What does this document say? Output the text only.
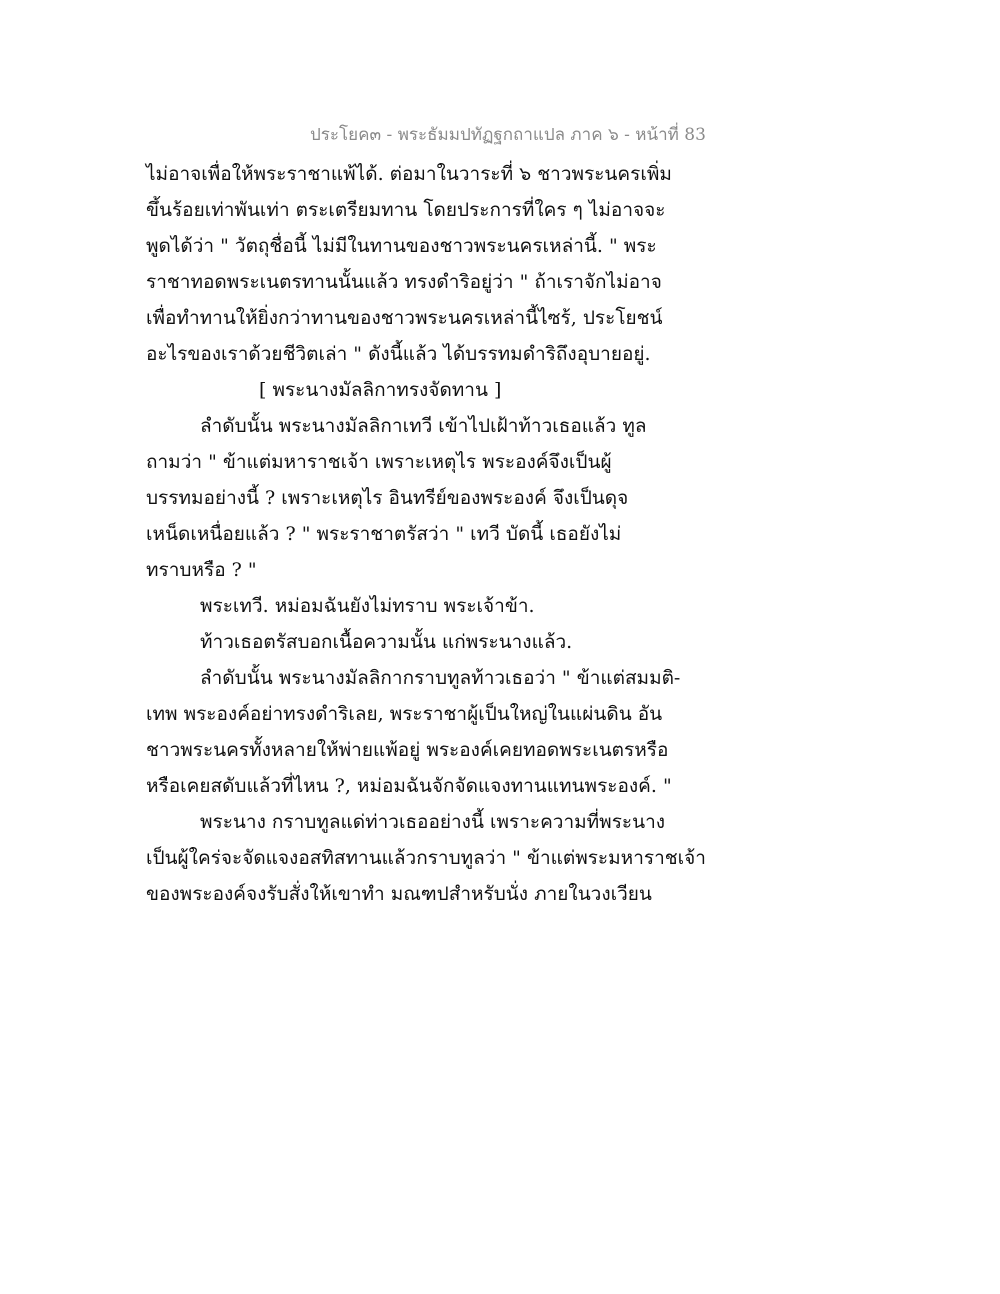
ประโยค๓ - พระธัมมปทัฏฐกถาแปล ภาค ๖ - หน้าที่ 83
ไม่อาจเพื่อให้พระราชาแพ้ได้. ต่อมาในวาระที่ ๖ ชาวพระนครเพิ่ม
ขึ้นร้อยเท่าพันเท่า ตระเตรียมทาน โดยประการที่ใคร ๆ ไม่อาจจะ
พูดได้ว่า " วัตถุชื่อนี้ ไม่มีในทานของชาวพระนครเหล่านี้. " พระ
ราชาทอดพระเนตรทานนั้นแล้ว ทรงดำริอยู่ว่า " ถ้าเราจักไม่อาจ
เพื่อทำทานให้ยิ่งกว่าทานของชาวพระนครเหล่านี้ไซร้, ประโยชน์
อะไรของเราด้วยชีวิตเล่า " ดังนี้แล้ว ได้บรรทมดำริถึงอุบายอยู่.
[ พระนางมัลลิกาทรงจัดทาน ]
ลำดับนั้น พระนางมัลลิกาเทวี เข้าไปเฝ้าท้าวเธอแล้ว ทูล
ถามว่า " ข้าแต่มหาราชเจ้า เพราะเหตุไร พระองค์จึงเป็นผู้
บรรทมอย่างนี้ ? เพราะเหตุไร อินทรีย์ของพระองค์ จึงเป็นดุจ
เหน็ดเหนื่อยแล้ว ? " พระราชาตรัสว่า " เทวี บัดนี้ เธอยังไม่
ทราบหรือ ? "
พระเทวี. หม่อมฉันยังไม่ทราบ พระเจ้าข้า.
ท้าวเธอตรัสบอกเนื้อความนั้น แก่พระนางแล้ว.
ลำดับนั้น พระนางมัลลิกากราบทูลท้าวเธอว่า " ข้าแต่สมมติ-
เทพ พระองค์อย่าทรงดำริเลย, พระราชาผู้เป็นใหญ่ในแผ่นดิน อัน
ชาวพระนครทั้งหลายให้พ่ายแพ้อยู่ พระองค์เคยทอดพระเนตรหรือ
หรือเคยสดับแล้วที่ไหน ?, หม่อมฉันจักจัดแจงทานแทนพระองค์. "
พระนาง กราบทูลแด่ท่าวเธออย่างนี้ เพราะความที่พระนาง
เป็นผู้ใคร่จะจัดแจงอสทิสทานแล้วกราบทูลว่า " ข้าแต่พระมหาราชเจ้า
ของพระองค์จงรับสั่งให้เขาทำ มณฑปสำหรับนั่ง ภายในวงเวียน
